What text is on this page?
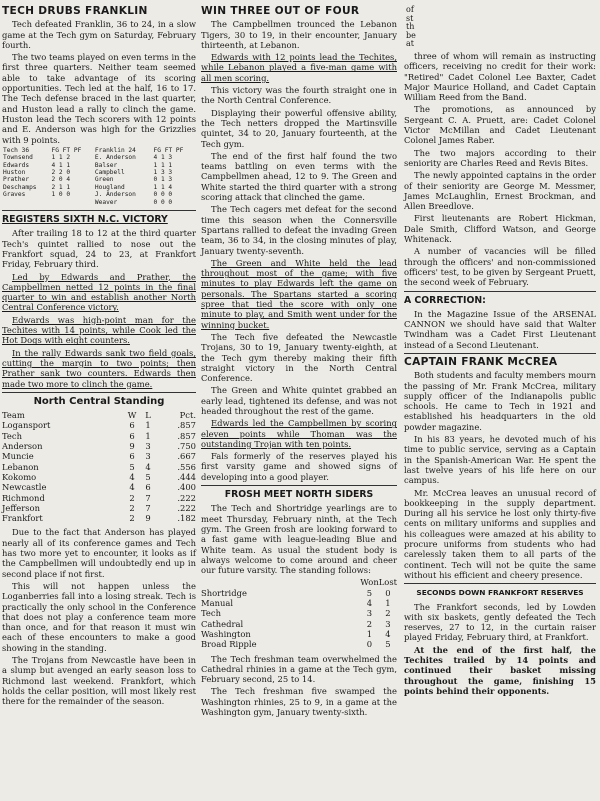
TECH DRUBS FRANKLIN

Tech defeated Franklin, 36 to 24, in a slow game at the Tech gym on Saturday, February fourth.

The two teams played on even terms in the first three quarters. Neither team seemed able to take advantage of its scoring opportunities. Tech led at the half, 16 to 17. The Tech defense braced in the last quarter, and Huston lead a rally to clinch the game. Huston lead the Tech scorers with 12 points and E. Anderson was high for the Grizzlies with 9 points.

Tech 36	FG FT PF	Franklin 24	FG FT PF
Townsend	1 1 2	E. Anderson	4 1 3
Edwards	4 1 1	Balser	1 1 1
Huston	2 2 0	Campbell	1 3 3
Prather	2 0 4	Green	0 1 3
Deschamps	2 1 1	Hougland	1 1 4
Graves	1 0 0	J. Anderson	0 0 0
		Weaver	0 0 0
REGISTERS SIXTH N.C. VICTORY

After trailing 18 to 12 at the third quarter Tech's quintet rallied to nose out the Frankfort squad, 24 to 23, at Frankfort Friday, February third.

Led by Edwards and Prather, the Campbellmen netted 12 points in the final quarter to win and establish another North Central Conference victory.

Edwards was high-point man for the Techites with 14 points, while Cook led the Hot Dogs with eight counters.

In the rally Edwards sank two field goals, cutting the margin to two points; then Prather sank two counters. Edwards then made two more to clinch the game.

North Central Standing
Team	W	L	Pct.
Logansport	6	1	.857
Tech	6	1	.857
Anderson	9	3	.750
Muncie	6	3	.667
Lebanon	5	4	.556
Kokomo	4	5	.444
Newcastle	4	6	.400
Richmond	2	7	.222
Jefferson	2	7	.222
Frankfort	2	9	.182

Due to the fact that Anderson has played nearly all of its conference games and Tech has two more yet to encounter, it looks as if the Campbellmen will undoubtedly end up in second place if not first.

This will not happen unless the Loganberries fall into a losing streak. Tech is practically the only school in the Conference that does not play a conference team more than once, and for that reason it must win each of these encounters to make a good showing in the standing.

The Trojans from Newcastle have been in a slump but avenged an early season loss to Richmond last weekend. Frankfort, which holds the cellar position, will most likely rest there for the remainder of the season.

WIN THREE OUT OF FOUR

The Campbellmen trounced the Lebanon Tigers, 30 to 19, in their encounter, January thirteenth, at Lebanon.

Edwards with 12 points lead the Techites, while Lebanon played a five-man game with all men scoring.

This victory was the fourth straight one in the North Central Conference.

Displaying their powerful offensive ability, the Tech netters dropped the Martinsville quintet, 34 to 20, January fourteenth, at the Tech gym.

The end of the first half found the two teams battling on even terms with the Campbellmen ahead, 12 to 9. The Green and White started the third quarter with a strong scoring attack that clinched the game.

The Tech cagers met defeat for the second time this season when the Connersville Spartans rallied to defeat the invading Green team, 36 to 34, in the closing minutes of play, January twenty-seventh.

The Green and White held the lead throughout most of the game; with five minutes to play Edwards left the game on personals. The Spartans started a scoring spree that tied the score with only one minute to play, and Smith went under for the winning bucket.

The Tech five defeated the Newcastle Trojans, 30 to 19, January twenty-eighth, at the Tech gym thereby making their fifth straight victory in the North Central Conference.

The Green and White quintet grabbed an early lead, tightened its defense, and was not headed throughout the rest of the game.

Edwards led the Campbellmen by scoring eleven points while Thoman was the outstanding Trojan with ten points.

Fals formerly of the reserves played his first varsity game and showed signs of developing into a good player.

FROSH MEET NORTH SIDERS

The Tech and Shortridge yearlings are to meet Thursday, February ninth, at the Tech gym. The Green frosh are looking forward to a fast game with league-leading Blue and White team. As usual the student body is always welcome to come around and cheer our future varsity. The standing follows:

	Won	Lost
Shortridge	5	0
Manual	4	1
Tech	3	2
Cathedral	2	3
Washington	1	4
Broad Ripple	0	5

The Tech freshman team overwhelmed the Cathedral rhinies in a game at the Tech gym, February second, 25 to 14.

The Tech freshman five swamped the Washington rhinies, 25 to 9, in a game at the Washington gym, January twenty-sixth.

of
st
th
be
at

three of whom will remain as instructing officers, receiving no credit for their work: "Retired" Cadet Colonel Lee Baxter, Cadet Major Maurice Holland, and Cadet Captain William Reed from the Band.

The promotions, as announced by Sergeant C. A. Pruett, are: Cadet Colonel Victor McMillan and Cadet Lieutenant Colonel James Raber.

The two majors according to their seniority are Charles Reed and Revis Bites.

The newly appointed captains in the order of their seniority are George M. Messmer, James McLaughlin, Ernest Brockman, and Allen Breedlove.

First lieutenants are Robert Hickman, Dale Smith, Clifford Watson, and George Whitenack.

A number of vacancies will be filled through the officers' and non-commissioned officers' test, to be given by Sergeant Pruett, the second week of February.

A CORRECTION:

In the Magazine Issue of the ARSENAL CANNON we should have said that Walter Twindham was a Cadet First Lieutenant instead of a Second Lieutenant.

CAPTAIN FRANK McCREA

Both students and faculty members mourn the passing of Mr. Frank McCrea, military supply officer of the Indianapolis public schools. He came to Tech in 1921 and established his headquarters in the old powder magazine.

In his 83 years, he devoted much of his time to public service, serving as a Captain in the Spanish-American War. He spent the last twelve years of his life here on our campus.

Mr. McCrea leaves an unusual record of bookkeeping in the supply department. During all his service he lost only thirty-five cents on military uniforms and supplies and his colleagues were amazed at his ability to procure uniforms from students who had carelessly taken them to all parts of the continent. Tech will not be quite the same without his efficient and cheery presence.

SECONDS DOWN FRANKFORT RESERVES

The Frankfort seconds, led by Lowden with six baskets, gently defeated the Tech reserves, 27 to 12, in the curtain raiser played Friday, February third, at Frankfort.

At the end of the first half, the Techites trailed by 14 points and continued their basket missing throughout the game, finishing 15 points behind their opponents.
